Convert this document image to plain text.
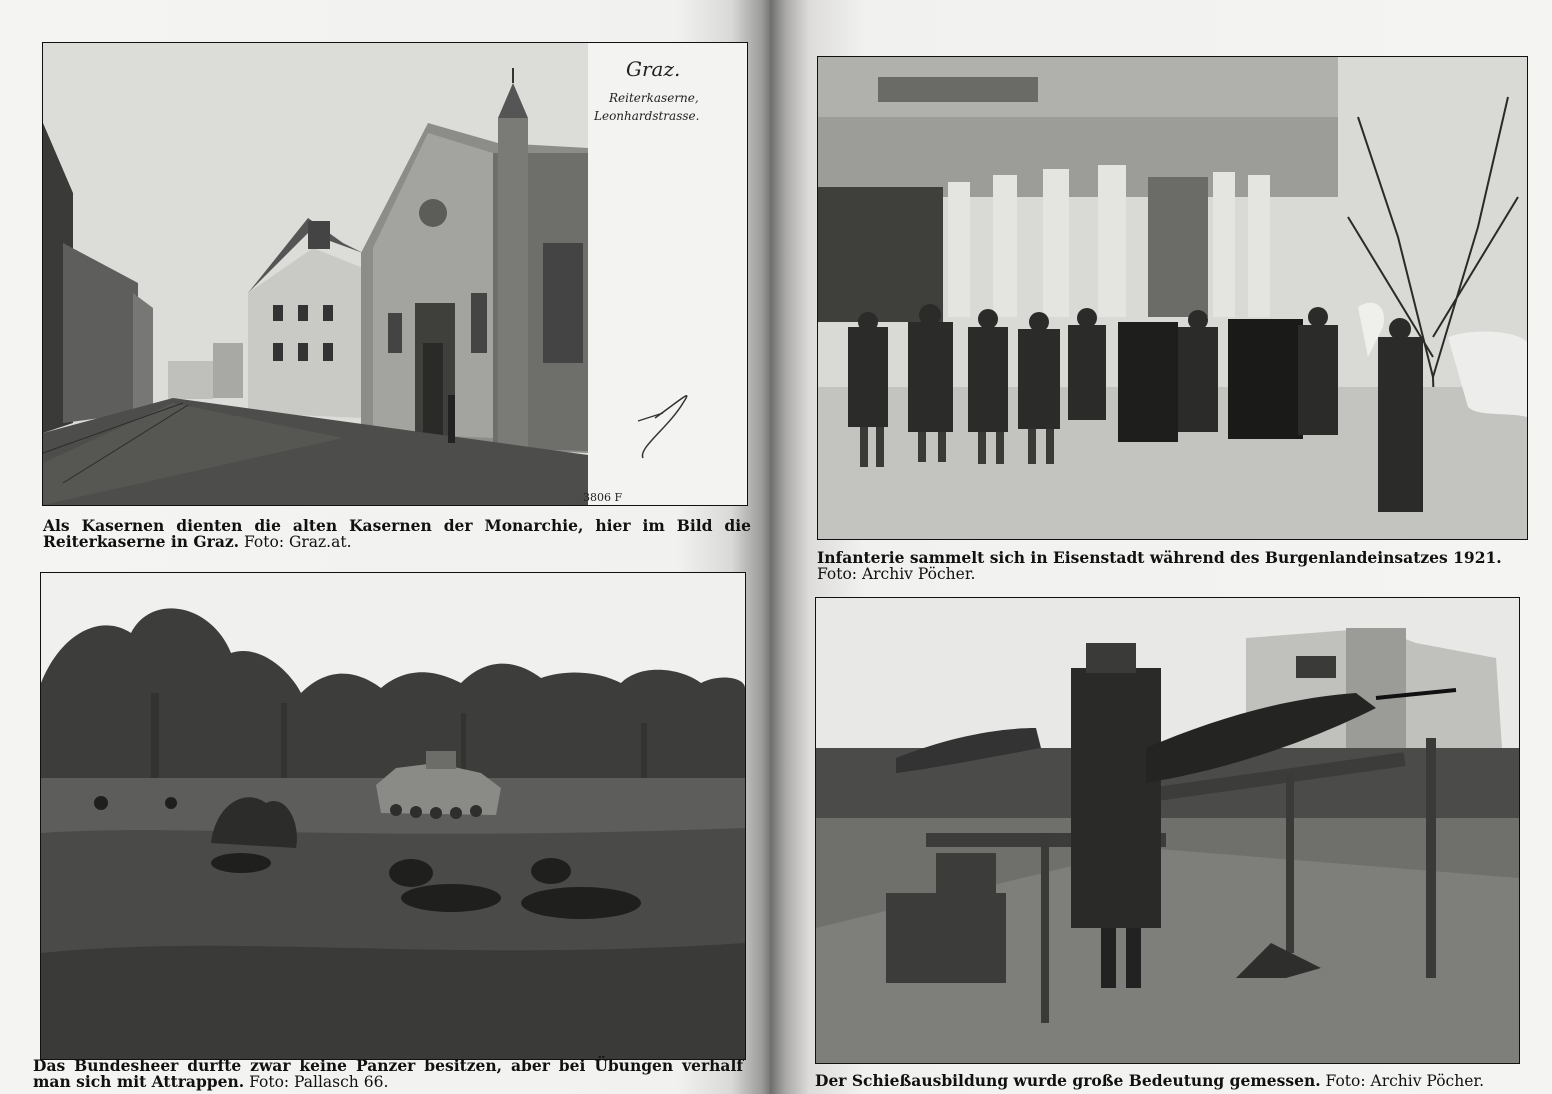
Graz.
Reiterkaserne,
Leonhardstrasse.
3806 F
Als Kasernen dienten die alten Kasernen der Monarchie, hier im Bild die Reiterkaserne in Graz. Foto: Graz.at.
Infanterie sammelt sich in Eisenstadt während des Burgenlandeinsatzes 1921.
Foto: Archiv Pöcher.
Das Bundesheer durfte zwar keine Panzer besitzen, aber bei Übungen verhalf man sich mit Attrappen. Foto: Pallasch 66.	Der Schießausbildung wurde große Bedeutung gemessen. Foto: Archiv Pöcher.
